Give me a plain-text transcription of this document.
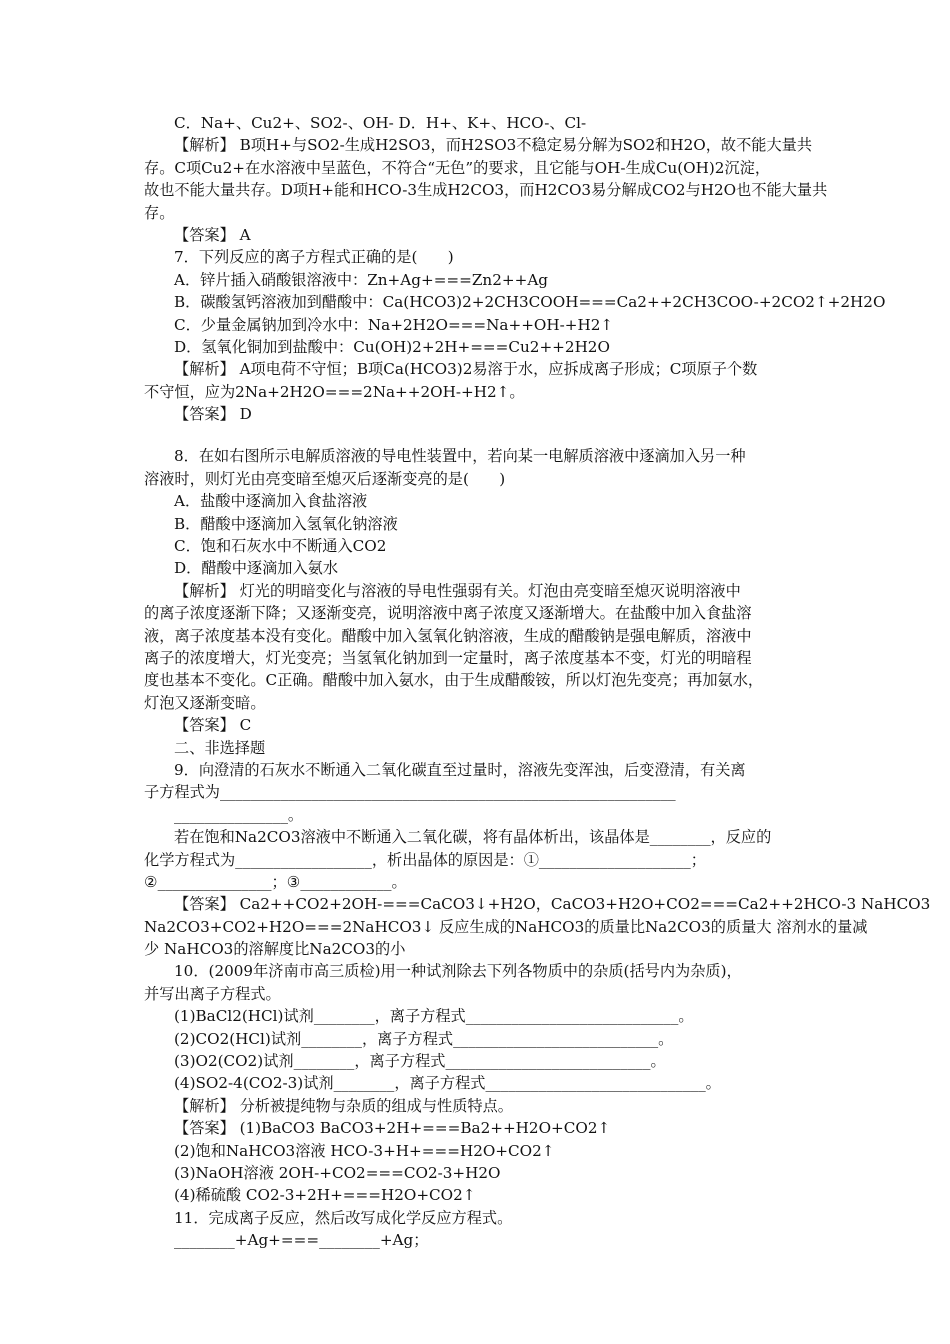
C．Na+、Cu2+、SO2-、OH- D．H+、K+、HCO-、Cl-
【解析】 B项H+与SO2-生成H2SO3，而H2SO3不稳定易分解为SO2和H2O，故不能大量共
存。C项Cu2+在水溶液中呈蓝色，不符合“无色”的要求，且它能与OH-生成Cu(OH)2沉淀，
故也不能大量共存。D项H+能和HCO-3生成H2CO3，而H2CO3易分解成CO2与H2O也不能大量共
存。
【答案】 A
7．下列反应的离子方程式正确的是(　　)
A．锌片插入硝酸银溶液中：Zn+Ag+===Zn2++Ag
B．碳酸氢钙溶液加到醋酸中：Ca(HCO3)2+2CH3COOH===Ca2++2CH3COO-+2CO2↑+2H2O
C．少量金属钠加到冷水中：Na+2H2O===Na++OH-+H2↑
D．氢氧化铜加到盐酸中：Cu(OH)2+2H+===Cu2++2H2O
【解析】 A项电荷不守恒；B项Ca(HCO3)2易溶于水，应拆成离子形成；C项原子个数
不守恒，应为2Na+2H2O===2Na++2OH-+H2↑。
【答案】 D
8．在如右图所示电解质溶液的导电性装置中，若向某一电解质溶液中逐滴加入另一种
溶液时，则灯光由亮变暗至熄灭后逐渐变亮的是(　　)
A．盐酸中逐滴加入食盐溶液
B．醋酸中逐滴加入氢氧化钠溶液
C．饱和石灰水中不断通入CO2
D．醋酸中逐滴加入氨水
【解析】 灯光的明暗变化与溶液的导电性强弱有关。灯泡由亮变暗至熄灭说明溶液中
的离子浓度逐渐下降；又逐渐变亮，说明溶液中离子浓度又逐渐增大。在盐酸中加入食盐溶
液，离子浓度基本没有变化。醋酸中加入氢氧化钠溶液，生成的醋酸钠是强电解质，溶液中
离子的浓度增大，灯光变亮；当氢氧化钠加到一定量时，离子浓度基本不变，灯光的明暗程
度也基本不变化。C正确。醋酸中加入氨水，由于生成醋酸铵，所以灯泡先变亮；再加氨水，
灯泡又逐渐变暗。
【答案】 C
二、非选择题
9．向澄清的石灰水不断通入二氧化碳直至过量时，溶液先变浑浊，后变澄清，有关离
子方程式为____________________________________________________________
_______________。
若在饱和Na2CO3溶液中不断通入二氧化碳，将有晶体析出，该晶体是________，反应的
化学方程式为__________________，析出晶体的原因是：①____________________；
②_______________；③____________。
【答案】 Ca2++CO2+2OH-===CaCO3↓+H2O，CaCO3+H2O+CO2===Ca2++2HCO-3 NaHCO3
Na2CO3+CO2+H2O===2NaHCO3↓ 反应生成的NaHCO3的质量比Na2CO3的质量大 溶剂水的量减
少 NaHCO3的溶解度比Na2CO3的小
10．(2009年济南市高三质检)用一种试剂除去下列各物质中的杂质(括号内为杂质)，
并写出离子方程式。
(1)BaCl2(HCl)试剂________，离子方程式____________________________。
(2)CO2(HCl)试剂________，离子方程式___________________________。
(3)O2(CO2)试剂________，离子方程式___________________________。
(4)SO2-4(CO2-3)试剂________，离子方程式_____________________________。
【解析】 分析被提纯物与杂质的组成与性质特点。
【答案】 (1)BaCO3 BaCO3+2H+===Ba2++H2O+CO2↑
(2)饱和NaHCO3溶液 HCO-3+H+===H2O+CO2↑
(3)NaOH溶液 2OH-+CO2===CO2-3+H2O
(4)稀硫酸 CO2-3+2H+===H2O+CO2↑
11．完成离子反应，然后改写成化学反应方程式。
________+Ag+===________+Ag；
